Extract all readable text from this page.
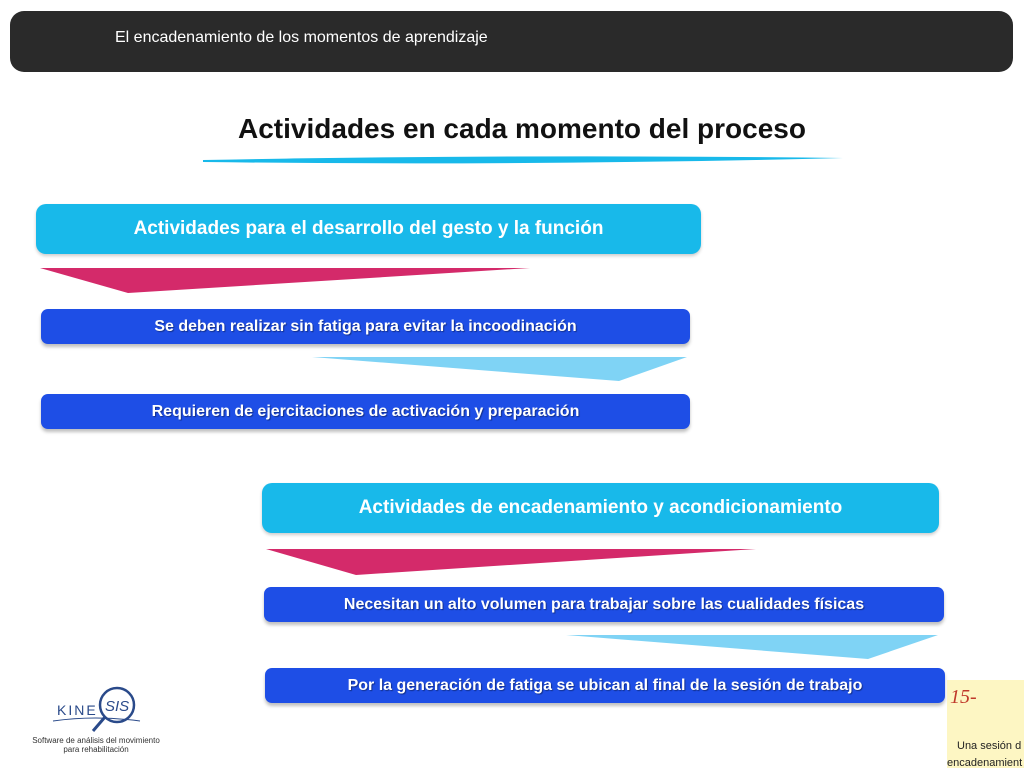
El encadenamiento de los momentos de aprendizaje
Actividades en cada momento del proceso
Actividades para el desarrollo del gesto y la función
Se deben realizar sin fatiga para evitar la incoodinación
Requieren de ejercitaciones de activación y preparación
Actividades de encadenamiento y acondicionamiento
Necesitan un alto volumen para trabajar sobre las cualidades físicas
Por la generación de fatiga se ubican al final de la sesión de trabajo
KINE SIS
Software de análisis del movimiento
para rehabilitación
15-
Una sesión d
encadenamient
